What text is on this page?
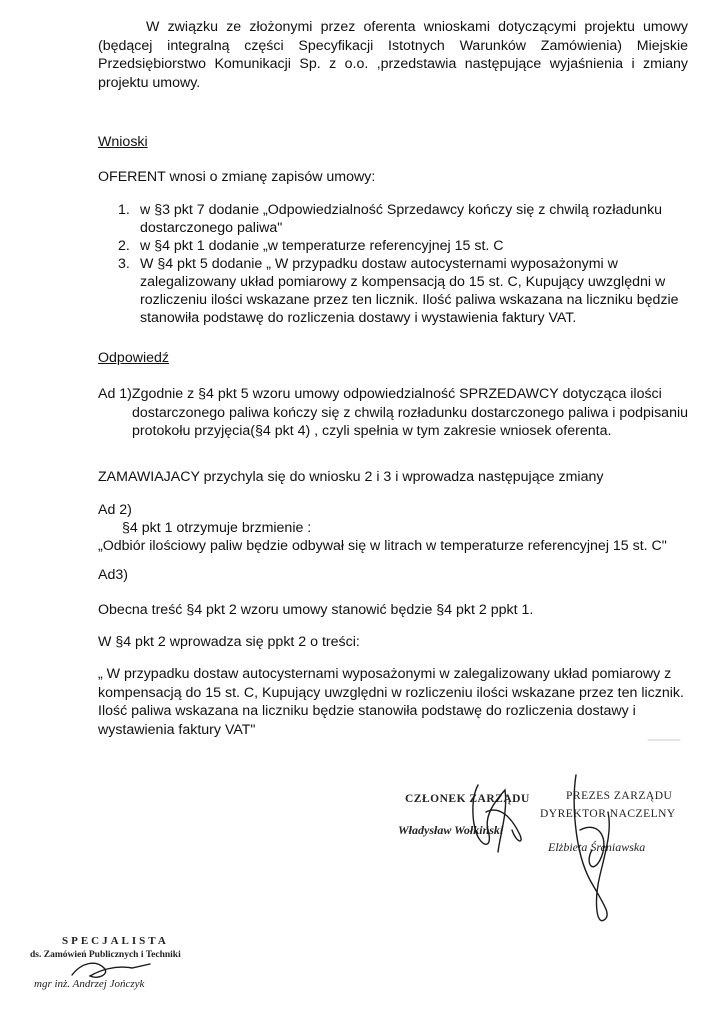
W związku ze złożonymi przez oferenta wnioskami dotyczącymi projektu umowy (będącej integralną części Specyfikacji Istotnych Warunków Zamówienia) Miejskie Przedsiębiorstwo Komunikacji Sp. z o.o. ,przedstawia następujące wyjaśnienia i zmiany projektu umowy.

Wnioski

OFERENT wnosi o zmianę zapisów umowy:

1. w §3 pkt 7 dodanie „Odpowiedzialność Sprzedawcy kończy się z chwilą rozładunku dostarczonego paliwa"
2. w §4 pkt 1 dodanie „w temperaturze referencyjnej 15 st. C
3. W §4 pkt 5 dodanie „ W przypadku dostaw autocysternami wyposażonymi w zalegalizowany układ pomiarowy z kompensacją do 15 st. C, Kupujący uwzględni w rozliczeniu ilości wskazane przez ten licznik. Ilość paliwa wskazana na liczniku będzie stanowiła podstawę do rozliczenia dostawy i wystawienia faktury VAT.

Odpowiedź

Ad 1)Zgodnie z §4 pkt 5 wzoru umowy odpowiedzialność SPRZEDAWCY dotycząca ilości
dostarczonego paliwa kończy się z chwilą rozładunku dostarczonego paliwa i podpisaniu protokołu przyjęcia(§4 pkt 4) , czyli spełnia w tym zakresie wniosek oferenta.

ZAMAWIAJACY przychyla się do wniosku 2 i 3 i wprowadza następujące zmiany

Ad 2)

§4 pkt 1 otrzymuje brzmienie :

„Odbiór ilościowy paliw będzie odbywał się w litrach w temperaturze referencyjnej 15 st. C"

Ad3)

Obecna treść §4 pkt 2 wzoru umowy stanowić będzie §4 pkt 2 ppkt 1.

W §4 pkt 2 wprowadza się ppkt 2 o treści:

„ W przypadku dostaw autocysternami wyposażonymi w zalegalizowany układ pomiarowy z kompensacją do 15 st. C, Kupujący uwzględni w rozliczeniu ilości wskazane przez ten licznik. Ilość paliwa wskazana na liczniku będzie stanowiła podstawę do rozliczenia dostawy i wystawienia faktury VAT"

CZŁONEK ZARZĄDU
Władysław Wołkiński
PREZES ZARZĄDU
DYREKTOR NACZELNY
Elżbieta Śreniawska
SPECJALISTA
ds. Zamówień Publicznych i Techniki
mgr inż. Andrzej Jończyk
